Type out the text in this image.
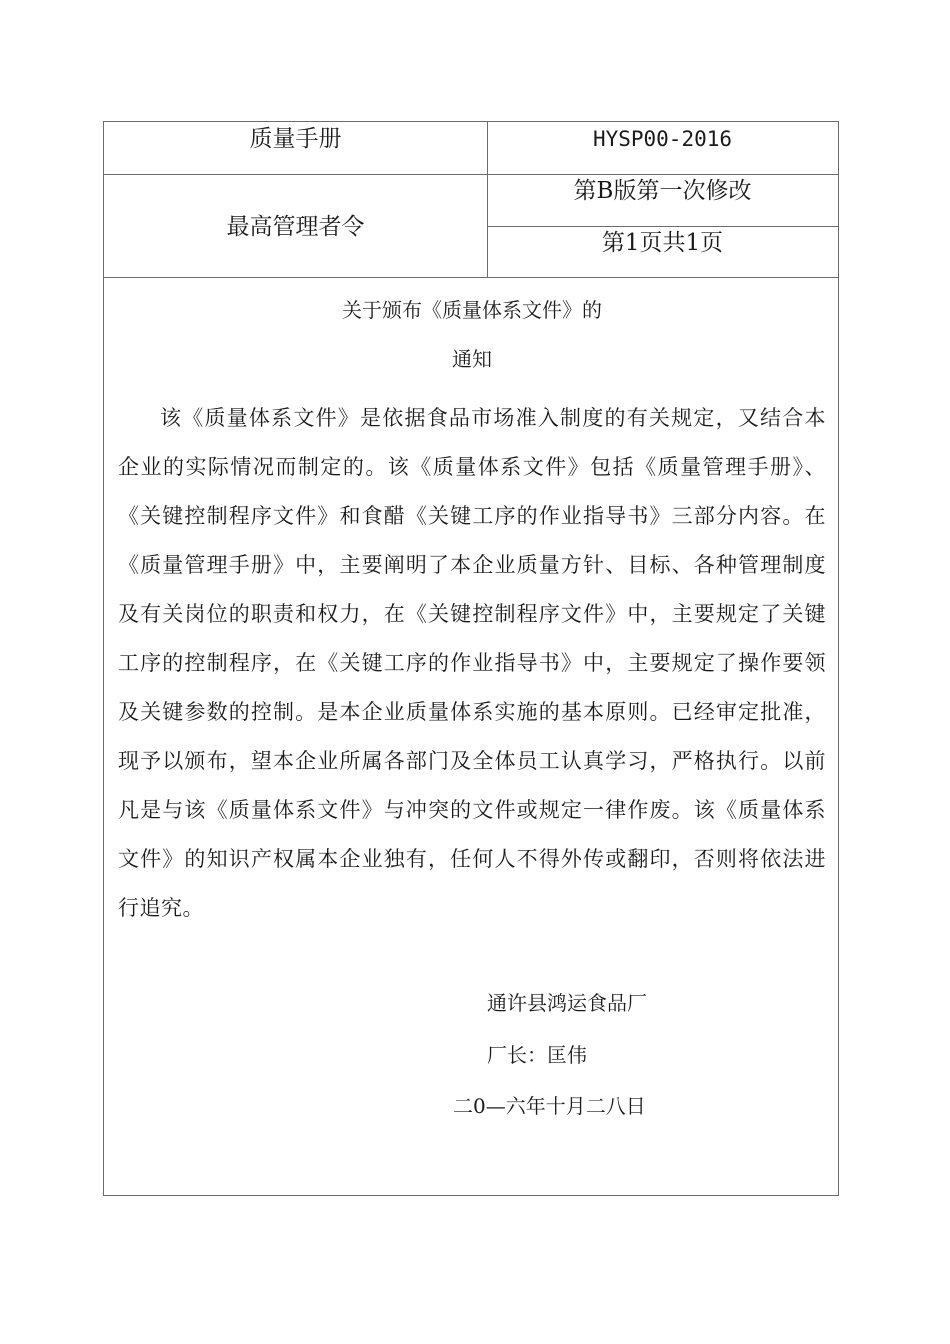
质量手册	HYSP00-2016
最高管理者令
第B版第一次修改
第1页共1页
关于颁布《质量体系文件》的
通知
该《质量体系文件》是依据食品市场准入制度的有关规定，又结合本企业的实际情况而制定的。该《质量体系文件》包括《质量管理手册》、《关键控制程序文件》和食醋《关键工序的作业指导书》三部分内容。在《质量管理手册》中，主要阐明了本企业质量方针、目标、各种管理制度及有关岗位的职责和权力，在《关键控制程序文件》中，主要规定了关键工序的控制程序，在《关键工序的作业指导书》中，主要规定了操作要领及关键参数的控制。是本企业质量体系实施的基本原则。已经审定批准，现予以颁布，望本企业所属各部门及全体员工认真学习，严格执行。以前凡是与该《质量体系文件》与冲突的文件或规定一律作废。该《质量体系文件》的知识产权属本企业独有，任何人不得外传或翻印，否则将依法进行追究。
通许县鸿运食品厂
厂长：匡伟
二0—六年十月二八日
